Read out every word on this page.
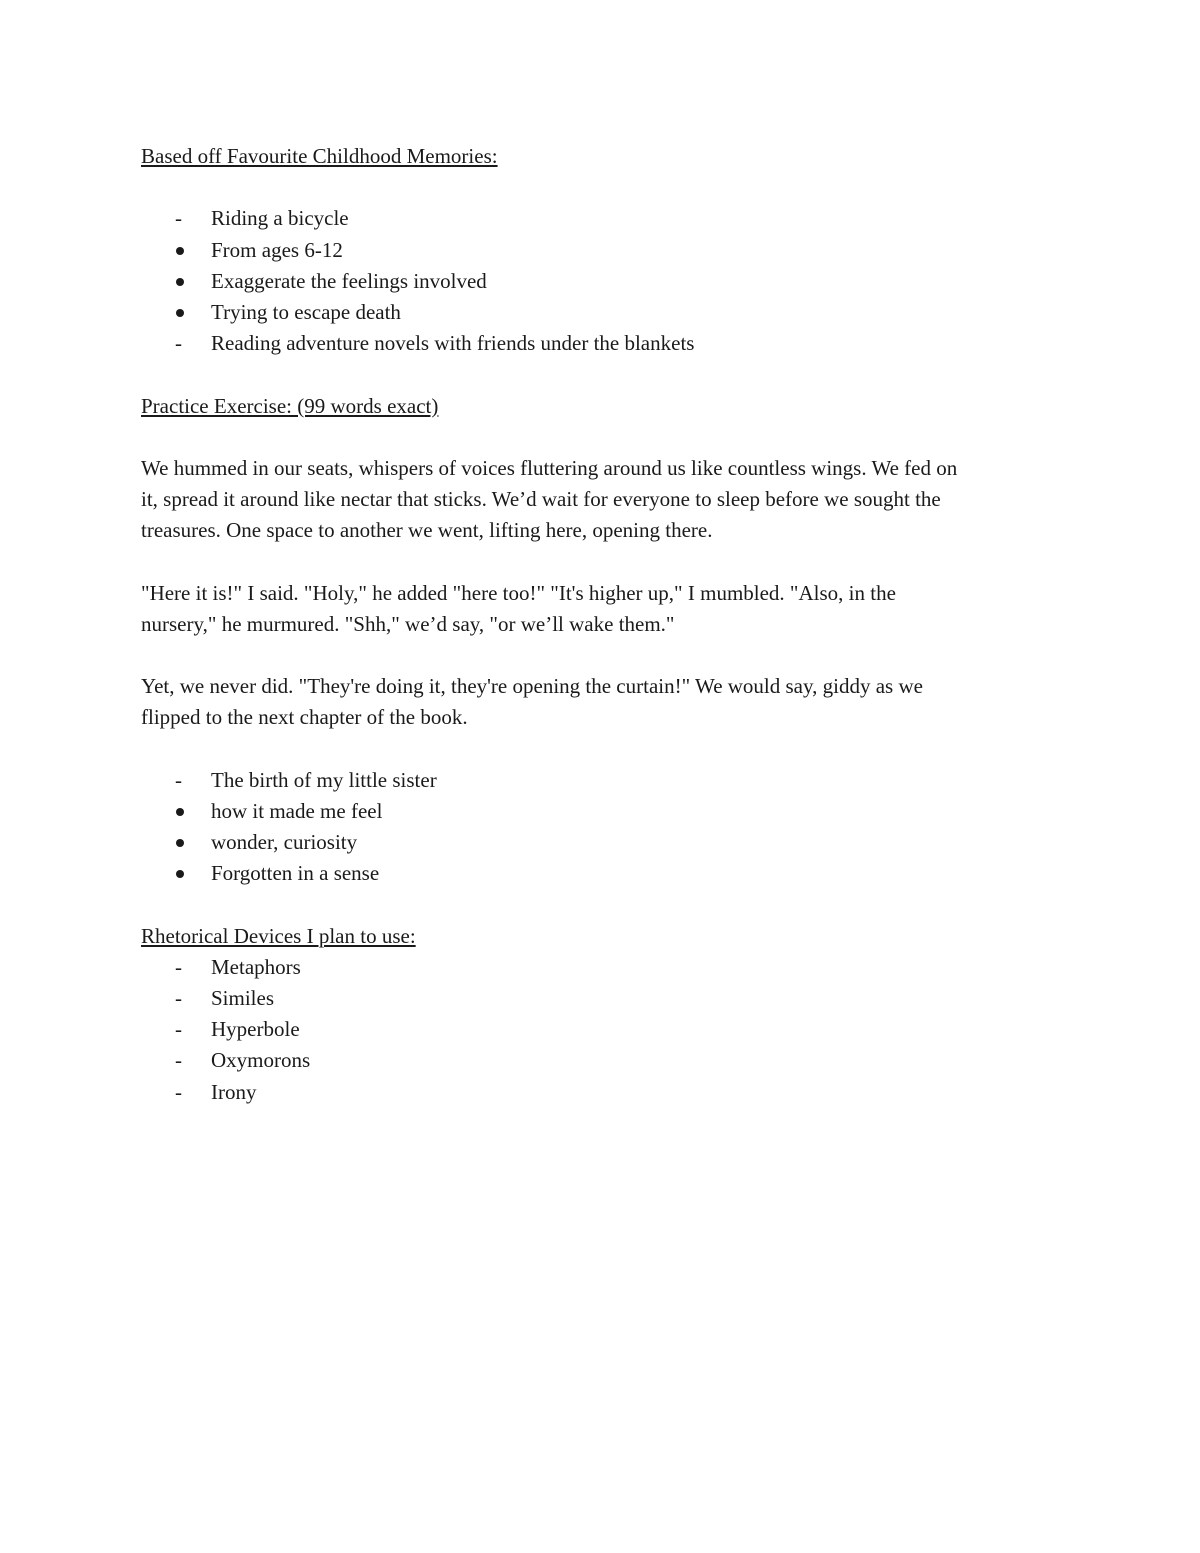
Based off Favourite Childhood Memories:
-
Riding a bicycle
From ages 6-12
Exaggerate the feelings involved
Trying to escape death
-
Reading adventure novels with friends under the blankets
Practice Exercise: (99 words exact)
We hummed in our seats, whispers of voices fluttering around us like countless wings. We fed on
it, spread it around like nectar that sticks. We’d wait for everyone to sleep before we sought the
treasures. One space to another we went, lifting here, opening there.
"Here it is!" I said. "Holy," he added "here too!" "It's higher up," I mumbled. "Also, in the
nursery," he murmured. "Shh," we’d say, "or we’ll wake them."
Yet, we never did. "They're doing it, they're opening the curtain!" We would say, giddy as we
flipped to the next chapter of the book.
-
The birth of my little sister
how it made me feel
wonder, curiosity
Forgotten in a sense
Rhetorical Devices I plan to use:
-
Metaphors
-
Similes
-
Hyperbole
-
Oxymorons
-
Irony
